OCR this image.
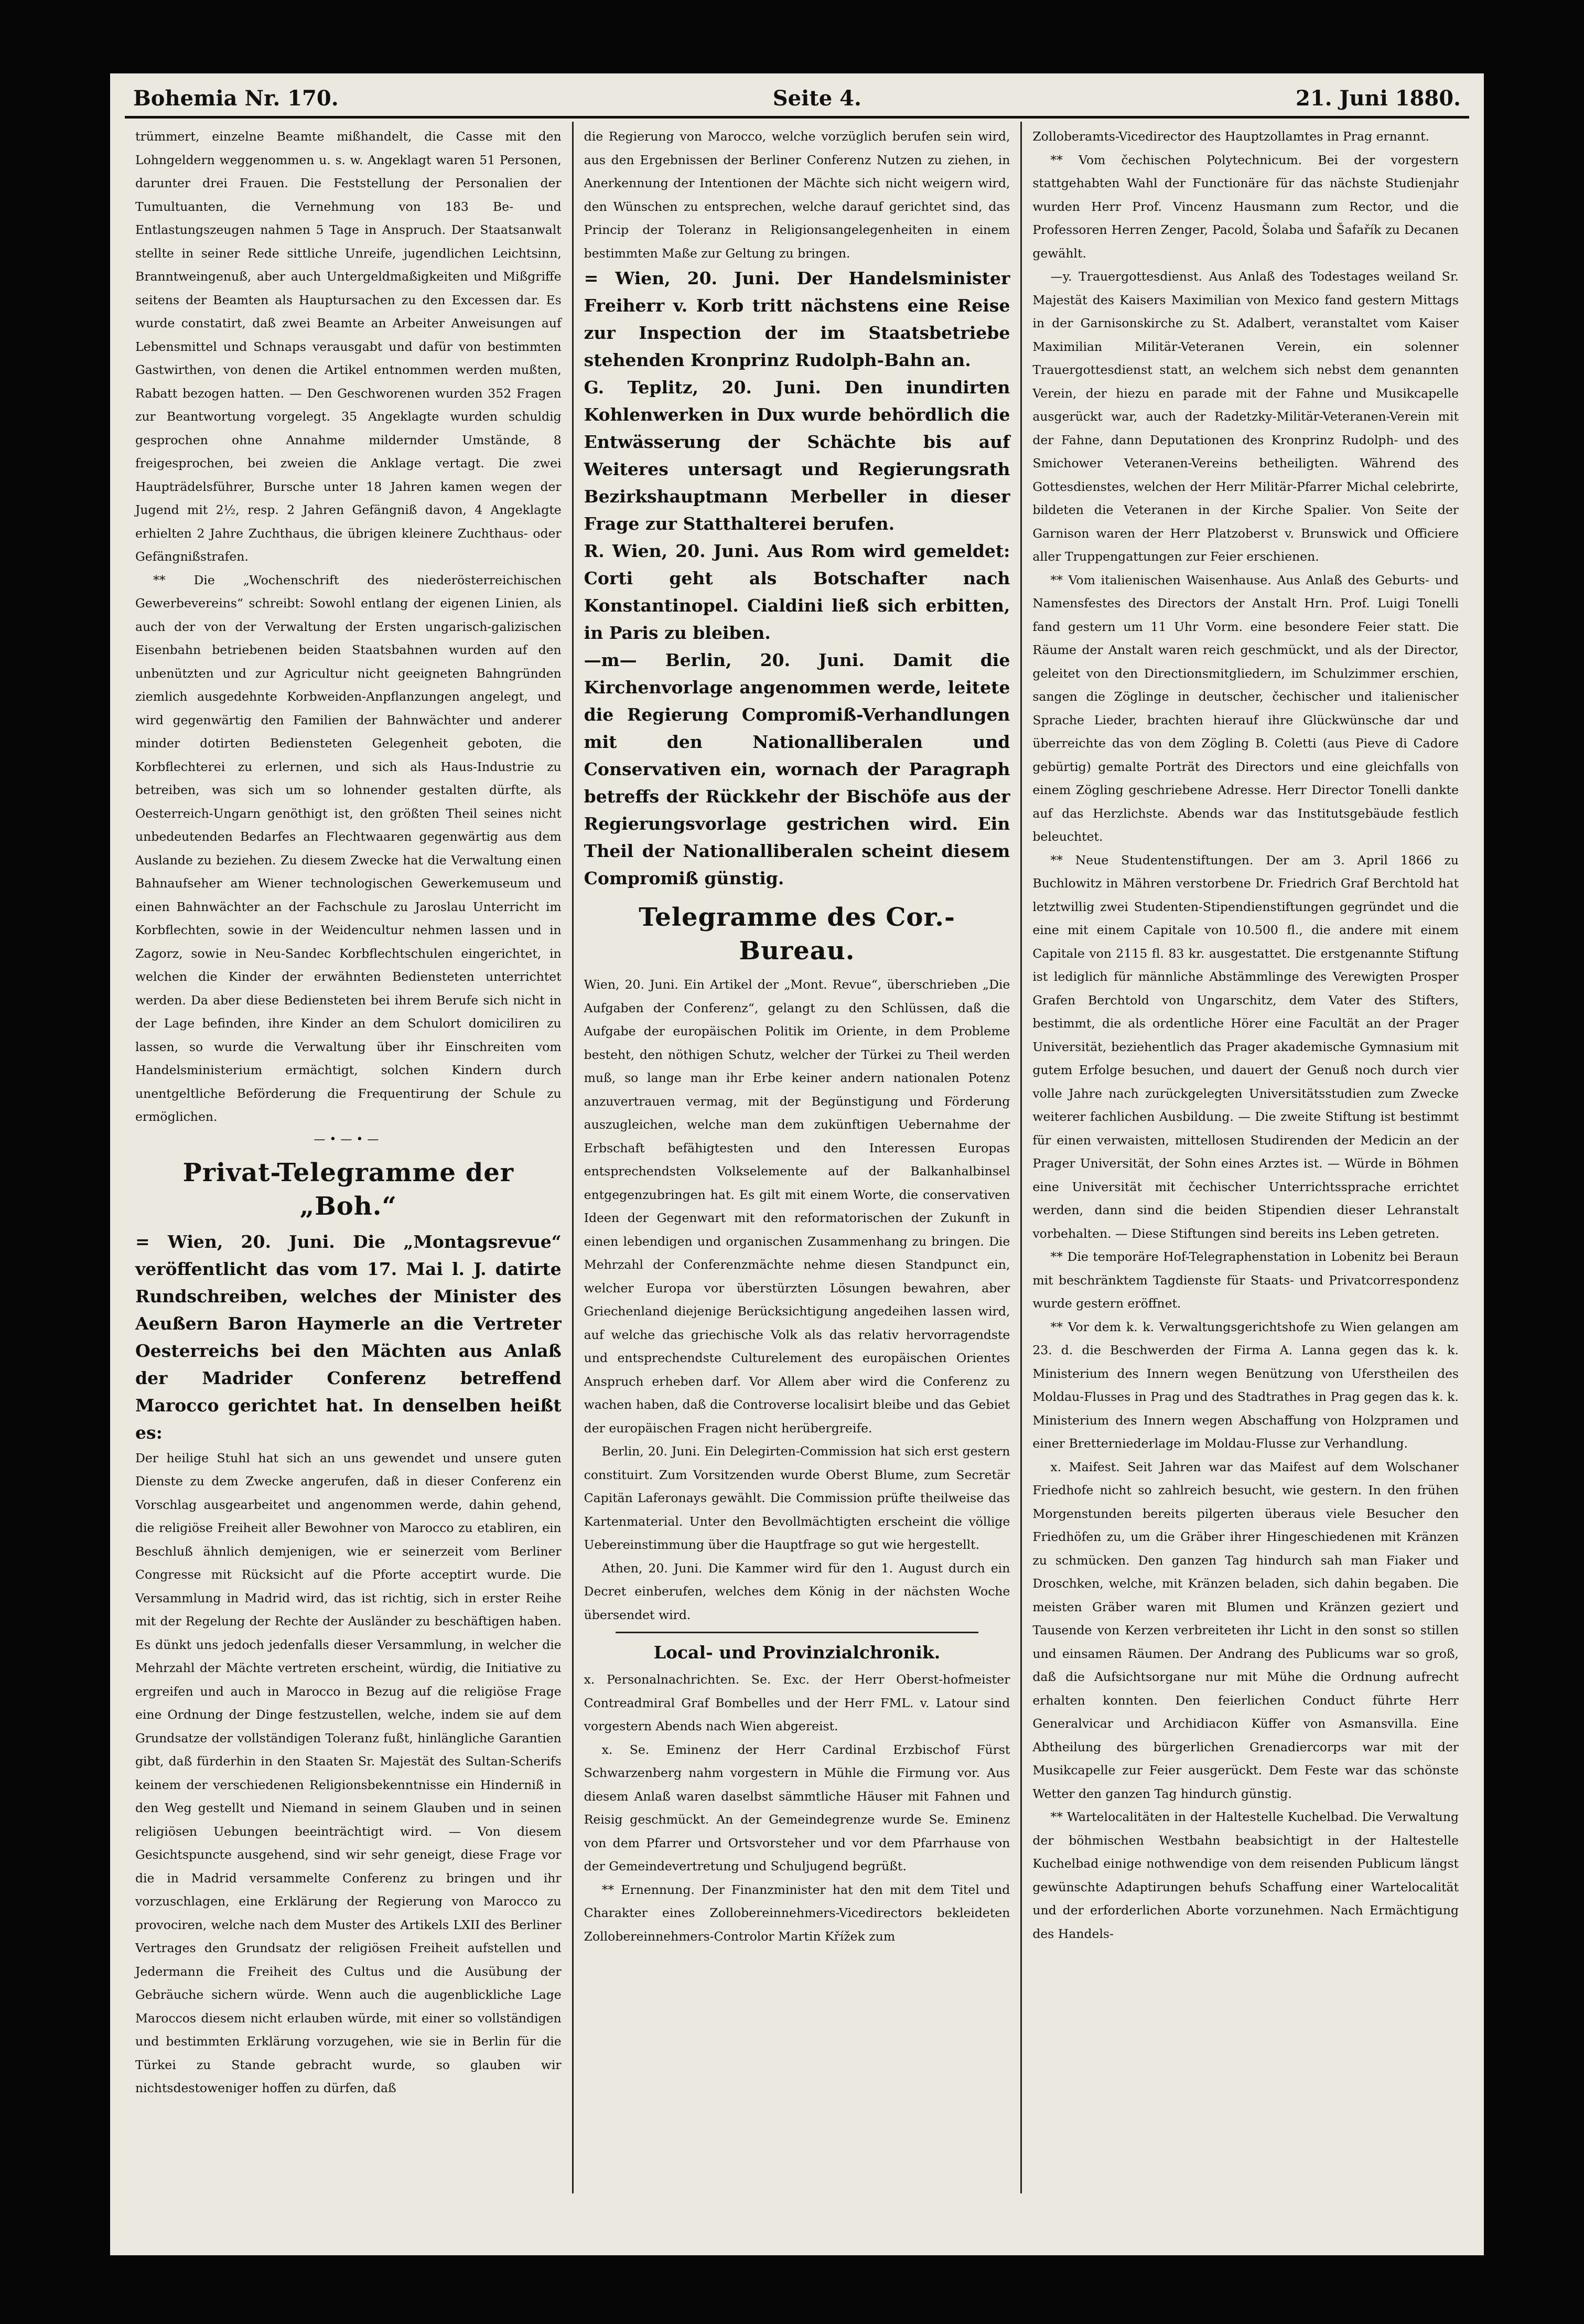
Bohemia Nr. 170.	Seite 4.	21. Juni 1880.

trümmert, einzelne Beamte mißhandelt, die Casse mit den Lohngeldern weggenommen u. s. w. Angeklagt waren 51 Personen, darunter drei Frauen. Die Feststellung der Personalien der Tumultuanten, die Vernehmung von 183 Be- und Entlastungszeugen nahmen 5 Tage in Anspruch. Der Staatsanwalt stellte in seiner Rede sittliche Unreife, jugendlichen Leichtsinn, Branntweingenuß, aber auch Untergeldmaßigkeiten und Mißgriffe seitens der Beamten als Hauptursachen zu den Excessen dar. Es wurde constatirt, daß zwei Beamte an Arbeiter Anweisungen auf Lebensmittel und Schnaps verausgabt und dafür von bestimmten Gastwirthen, von denen die Artikel entnommen werden mußten, Rabatt bezogen hatten. — Den Geschworenen wurden 352 Fragen zur Beantwortung vorgelegt. 35 Angeklagte wurden schuldig gesprochen ohne Annahme mildernder Umstände, 8 freigesprochen, bei zweien die Anklage vertagt. Die zwei Haupträdelsführer, Bursche unter 18 Jahren kamen wegen der Jugend mit 2½, resp. 2 Jahren Gefängniß davon, 4 Angeklagte erhielten 2 Jahre Zuchthaus, die übrigen kleinere Zuchthaus- oder Gefängnißstrafen.

** Die „Wochenschrift des niederösterreichischen Gewerbevereins“ schreibt: Sowohl entlang der eigenen Linien, als auch der von der Verwaltung der Ersten ungarisch-galizischen Eisenbahn betriebenen beiden Staatsbahnen wurden auf den unbenützten und zur Agricultur nicht geeigneten Bahngründen ziemlich ausgedehnte Korbweiden-Anpflanzungen angelegt, und wird gegenwärtig den Familien der Bahnwächter und anderer minder dotirten Bediensteten Gelegenheit geboten, die Korbflechterei zu erlernen, und sich als Haus-Industrie zu betreiben, was sich um so lohnender gestalten dürfte, als Oesterreich-Ungarn genöthigt ist, den größten Theil seines nicht unbedeutenden Bedarfes an Flechtwaaren gegenwärtig aus dem Auslande zu beziehen. Zu diesem Zwecke hat die Verwaltung einen Bahnaufseher am Wiener technologischen Gewerkemuseum und einen Bahnwächter an der Fachschule zu Jaroslau Unterricht im Korbflechten, sowie in der Weidencultur nehmen lassen und in Zagorz, sowie in Neu-Sandec Korbflechtschulen eingerichtet, in welchen die Kinder der erwähnten Bediensteten unterrichtet werden. Da aber diese Bediensteten bei ihrem Berufe sich nicht in der Lage befinden, ihre Kinder an dem Schulort domiciliren zu lassen, so wurde die Verwaltung über ihr Einschreiten vom Handelsministerium ermächtigt, solchen Kindern durch unentgeltliche Beförderung die Frequentirung der Schule zu ermöglichen.

—•—•—
Privat-Telegramme der „Boh.“

= Wien, 20. Juni. Die „Montagsrevue“ veröffentlicht das vom 17. Mai l. J. datirte Rundschreiben, welches der Minister des Aeußern Baron Haymerle an die Vertreter Oesterreichs bei den Mächten aus Anlaß der Madrider Conferenz betreffend Marocco gerichtet hat. In denselben heißt es:

Der heilige Stuhl hat sich an uns gewendet und unsere guten Dienste zu dem Zwecke angerufen, daß in dieser Conferenz ein Vorschlag ausgearbeitet und angenommen werde, dahin gehend, die religiöse Freiheit aller Bewohner von Marocco zu etabliren, ein Beschluß ähnlich demjenigen, wie er seinerzeit vom Berliner Congresse mit Rücksicht auf die Pforte acceptirt wurde. Die Versammlung in Madrid wird, das ist richtig, sich in erster Reihe mit der Regelung der Rechte der Ausländer zu beschäftigen haben. Es dünkt uns jedoch jedenfalls dieser Versammlung, in welcher die Mehrzahl der Mächte vertreten erscheint, würdig, die Initiative zu ergreifen und auch in Marocco in Bezug auf die religiöse Frage eine Ordnung der Dinge festzustellen, welche, indem sie auf dem Grundsatze der vollständigen Toleranz fußt, hinlängliche Garantien gibt, daß fürderhin in den Staaten Sr. Majestät des Sultan-Scherifs keinem der verschiedenen Religionsbekenntnisse ein Hinderniß in den Weg gestellt und Niemand in seinem Glauben und in seinen religiösen Uebungen beeinträchtigt wird. — Von diesem Gesichtspuncte ausgehend, sind wir sehr geneigt, diese Frage vor die in Madrid versammelte Conferenz zu bringen und ihr vorzuschlagen, eine Erklärung der Regierung von Marocco zu provociren, welche nach dem Muster des Artikels LXII des Berliner Vertrages den Grundsatz der religiösen Freiheit aufstellen und Jedermann die Freiheit des Cultus und die Ausübung der Gebräuche sichern würde. Wenn auch die augenblickliche Lage Maroccos diesem nicht erlauben würde, mit einer so vollständigen und bestimmten Erklärung vorzugehen, wie sie in Berlin für die Türkei zu Stande gebracht wurde, so glauben wir nichtsdestoweniger hoffen zu dürfen, daß

die Regierung von Marocco, welche vorzüglich berufen sein wird, aus den Ergebnissen der Berliner Conferenz Nutzen zu ziehen, in Anerkennung der Intentionen der Mächte sich nicht weigern wird, den Wünschen zu entsprechen, welche darauf gerichtet sind, das Princip der Toleranz in Religionsangelegenheiten in einem bestimmten Maße zur Geltung zu bringen.

= Wien, 20. Juni. Der Handelsminister Freiherr v. Korb tritt nächstens eine Reise zur Inspection der im Staatsbetriebe stehenden Kronprinz Rudolph-Bahn an.

G. Teplitz, 20. Juni. Den inundirten Kohlenwerken in Dux wurde behördlich die Entwässerung der Schächte bis auf Weiteres untersagt und Regierungsrath Bezirkshauptmann Merbeller in dieser Frage zur Statthalterei berufen.

R. Wien, 20. Juni. Aus Rom wird gemeldet: Corti geht als Botschafter nach Konstantinopel. Cialdini ließ sich erbitten, in Paris zu bleiben.

—m— Berlin, 20. Juni. Damit die Kirchenvorlage angenommen werde, leitete die Regierung Compromiß-Verhandlungen mit den Nationalliberalen und Conservativen ein, wornach der Paragraph betreffs der Rückkehr der Bischöfe aus der Regierungsvorlage gestrichen wird. Ein Theil der Nationalliberalen scheint diesem Compromiß günstig.

Telegramme des Cor.-Bureau.

Wien, 20. Juni. Ein Artikel der „Mont. Revue“, überschrieben „Die Aufgaben der Conferenz“, gelangt zu den Schlüssen, daß die Aufgabe der europäischen Politik im Oriente, in dem Probleme besteht, den nöthigen Schutz, welcher der Türkei zu Theil werden muß, so lange man ihr Erbe keiner andern nationalen Potenz anzuvertrauen vermag, mit der Begünstigung und Förderung auszugleichen, welche man dem zukünftigen Uebernahme der Erbschaft befähigtesten und den Interessen Europas entsprechendsten Volkselemente auf der Balkanhalbinsel entgegenzubringen hat. Es gilt mit einem Worte, die conservativen Ideen der Gegenwart mit den reformatorischen der Zukunft in einen lebendigen und organischen Zusammenhang zu bringen. Die Mehrzahl der Conferenzmächte nehme diesen Standpunct ein, welcher Europa vor überstürzten Lösungen bewahren, aber Griechenland diejenige Berücksichtigung angedeihen lassen wird, auf welche das griechische Volk als das relativ hervorragendste und entsprechendste Culturelement des europäischen Orientes Anspruch erheben darf. Vor Allem aber wird die Conferenz zu wachen haben, daß die Controverse localisirt bleibe und das Gebiet der europäischen Fragen nicht herübergreife.

Berlin, 20. Juni. Ein Delegirten-Commission hat sich erst gestern constituirt. Zum Vorsitzenden wurde Oberst Blume, zum Secretär Capitän Laferonays gewählt. Die Commission prüfte theilweise das Kartenmaterial. Unter den Bevollmächtigten erscheint die völlige Uebereinstimmung über die Hauptfrage so gut wie hergestellt.

Athen, 20. Juni. Die Kammer wird für den 1. August durch ein Decret einberufen, welches dem König in der nächsten Woche übersendet wird.

Local- und Provinzialchronik.

x. Personalnachrichten. Se. Exc. der Herr Oberst-hofmeister Contreadmiral Graf Bombelles und der Herr FML. v. Latour sind vorgestern Abends nach Wien abgereist.

x. Se. Eminenz der Herr Cardinal Erzbischof Fürst Schwarzenberg nahm vorgestern in Mühle die Firmung vor. Aus diesem Anlaß waren daselbst sämmtliche Häuser mit Fahnen und Reisig geschmückt. An der Gemeindegrenze wurde Se. Eminenz von dem Pfarrer und Ortsvorsteher und vor dem Pfarrhause von der Gemeindevertretung und Schuljugend begrüßt.

** Ernennung. Der Finanzminister hat den mit dem Titel und Charakter eines Zollobereinnehmers-Vicedirectors bekleideten Zollobereinnehmers-Controlor Martin Křížek zum

Zolloberamts-Vicedirector des Hauptzollamtes in Prag ernannt.

** Vom čechischen Polytechnicum. Bei der vorgestern stattgehabten Wahl der Functionäre für das nächste Studienjahr wurden Herr Prof. Vincenz Hausmann zum Rector, und die Professoren Herren Zenger, Pacold, Šolaba und Šafařík zu Decanen gewählt.

—y. Trauergottesdienst. Aus Anlaß des Todestages weiland Sr. Majestät des Kaisers Maximilian von Mexico fand gestern Mittags in der Garnisonskirche zu St. Adalbert, veranstaltet vom Kaiser Maximilian Militär-Veteranen Verein, ein solenner Trauergottesdienst statt, an welchem sich nebst dem genannten Verein, der hiezu en parade mit der Fahne und Musikcapelle ausgerückt war, auch der Radetzky-Militär-Veteranen-Verein mit der Fahne, dann Deputationen des Kronprinz Rudolph- und des Smichower Veteranen-Vereins betheiligten. Während des Gottesdienstes, welchen der Herr Militär-Pfarrer Michal celebrirte, bildeten die Veteranen in der Kirche Spalier. Von Seite der Garnison waren der Herr Platzoberst v. Brunswick und Officiere aller Truppengattungen zur Feier erschienen.

** Vom italienischen Waisenhause. Aus Anlaß des Geburts- und Namensfestes des Directors der Anstalt Hrn. Prof. Luigi Tonelli fand gestern um 11 Uhr Vorm. eine besondere Feier statt. Die Räume der Anstalt waren reich geschmückt, und als der Director, geleitet von den Directionsmitgliedern, im Schulzimmer erschien, sangen die Zöglinge in deutscher, čechischer und italienischer Sprache Lieder, brachten hierauf ihre Glückwünsche dar und überreichte das von dem Zögling B. Coletti (aus Pieve di Cadore gebürtig) gemalte Porträt des Directors und eine gleichfalls von einem Zögling geschriebene Adresse. Herr Director Tonelli dankte auf das Herzlichste. Abends war das Institutsgebäude festlich beleuchtet.

** Neue Studentenstiftungen. Der am 3. April 1866 zu Buchlowitz in Mähren verstorbene Dr. Friedrich Graf Berchtold hat letztwillig zwei Studenten-Stipendienstiftungen gegründet und die eine mit einem Capitale von 10.500 fl., die andere mit einem Capitale von 2115 fl. 83 kr. ausgestattet. Die erstgenannte Stiftung ist lediglich für männliche Abstämmlinge des Verewigten Prosper Grafen Berchtold von Ungarschitz, dem Vater des Stifters, bestimmt, die als ordentliche Hörer eine Facultät an der Prager Universität, beziehentlich das Prager akademische Gymnasium mit gutem Erfolge besuchen, und dauert der Genuß noch durch vier volle Jahre nach zurückgelegten Universitätsstudien zum Zwecke weiterer fachlichen Ausbildung. — Die zweite Stiftung ist bestimmt für einen verwaisten, mittellosen Studirenden der Medicin an der Prager Universität, der Sohn eines Arztes ist. — Würde in Böhmen eine Universität mit čechischer Unterrichtssprache errichtet werden, dann sind die beiden Stipendien dieser Lehranstalt vorbehalten. — Diese Stiftungen sind bereits ins Leben getreten.

** Die temporäre Hof-Telegraphenstation in Lobenitz bei Beraun mit beschränktem Tagdienste für Staats- und Privatcorrespondenz wurde gestern eröffnet.

** Vor dem k. k. Verwaltungsgerichtshofe zu Wien gelangen am 23. d. die Beschwerden der Firma A. Lanna gegen das k. k. Ministerium des Innern wegen Benützung von Uferstheilen des Moldau-Flusses in Prag und des Stadtrathes in Prag gegen das k. k. Ministerium des Innern wegen Abschaffung von Holzpramen und einer Bretterniederlage im Moldau-Flusse zur Verhandlung.

x. Maifest. Seit Jahren war das Maifest auf dem Wolschaner Friedhofe nicht so zahlreich besucht, wie gestern. In den frühen Morgenstunden bereits pilgerten überaus viele Besucher den Friedhöfen zu, um die Gräber ihrer Hingeschiedenen mit Kränzen zu schmücken. Den ganzen Tag hindurch sah man Fiaker und Droschken, welche, mit Kränzen beladen, sich dahin begaben. Die meisten Gräber waren mit Blumen und Kränzen geziert und Tausende von Kerzen verbreiteten ihr Licht in den sonst so stillen und einsamen Räumen. Der Andrang des Publicums war so groß, daß die Aufsichtsorgane nur mit Mühe die Ordnung aufrecht erhalten konnten. Den feierlichen Conduct führte Herr Generalvicar und Archidiacon Küffer von Asmansvilla. Eine Abtheilung des bürgerlichen Grenadiercorps war mit der Musikcapelle zur Feier ausgerückt. Dem Feste war das schönste Wetter den ganzen Tag hindurch günstig.

** Wartelocalitäten in der Haltestelle Kuchelbad. Die Verwaltung der böhmischen Westbahn beabsichtigt in der Haltestelle Kuchelbad einige nothwendige von dem reisenden Publicum längst gewünschte Adaptirungen behufs Schaffung einer Wartelocalität und der erforderlichen Aborte vorzunehmen. Nach Ermächtigung des Handels-
